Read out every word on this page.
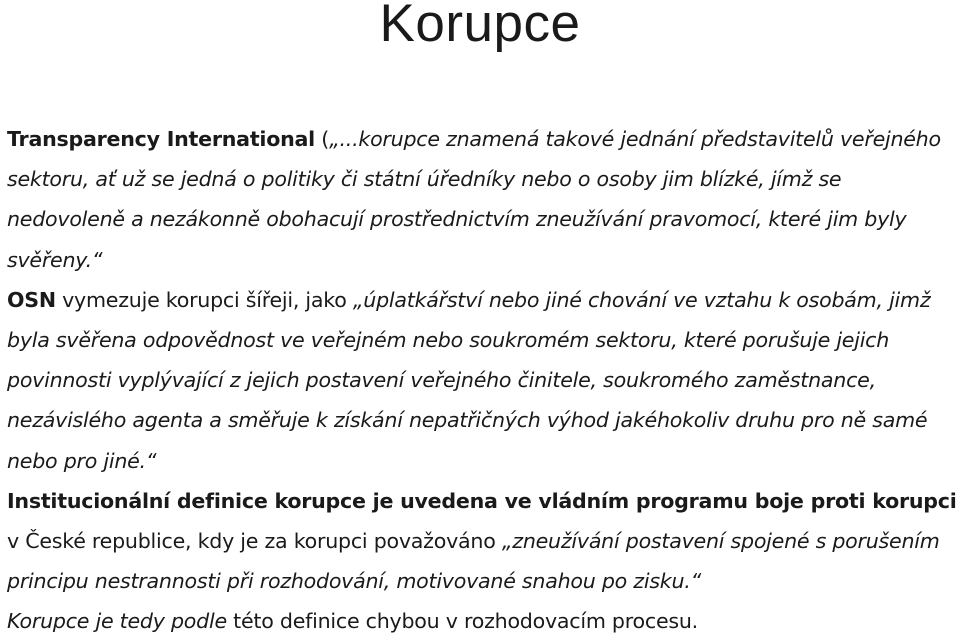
Korupce

Transparency International („...korupce znamená takové jednání představitelů veřejného sektoru, ať už se jedná o politiky či státní úředníky nebo o osoby jim blízké, jímž se nedovoleně a nezákonně obohacují prostřednictvím zneužívání pravomocí, které jim byly svěřeny.“

OSN vymezuje korupci šířeji, jako „úplatkářství nebo jiné chování ve vztahu k osobám, jimž byla svěřena odpovědnost ve veřejném nebo soukromém sektoru, které porušuje jejich povinnosti vyplývající z jejich postavení veřejného činitele, soukromého zaměstnance, nezávislého agenta a směřuje k získání nepatřičných výhod jakéhokoliv druhu pro ně samé nebo pro jiné.“

Institucionální definice korupce je uvedena ve vládním programu boje proti korupci v České republice, kdy je za korupci považováno „zneužívání postavení spojené s porušením principu nestrannosti při rozhodování, motivované snahou po zisku.“

Korupce je tedy podle této definice chybou v rozhodovacím procesu.
